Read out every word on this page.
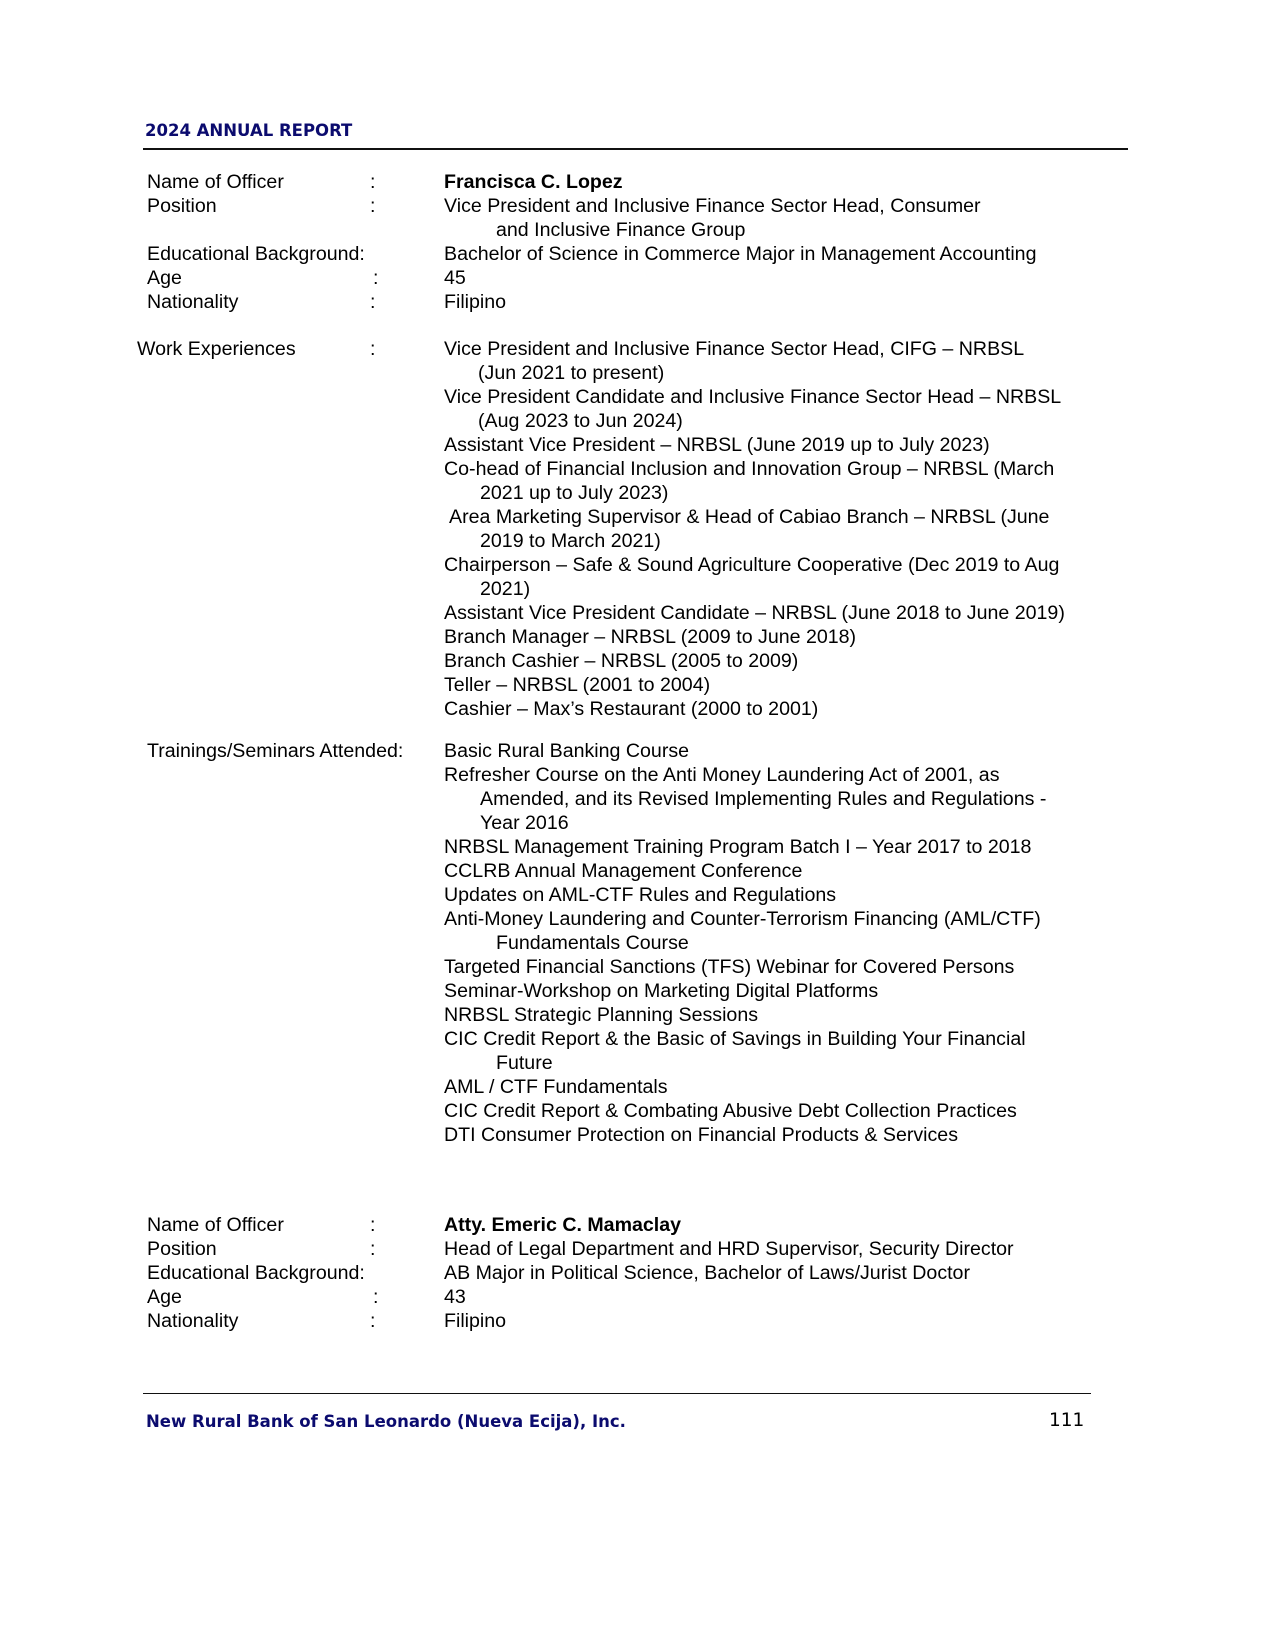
2024 ANNUAL REPORT
Name of Officer	:	Francisca C. Lopez
Position	:	Vice President and Inclusive Finance Sector Head, Consumer
and Inclusive Finance Group
Educational Background:	Bachelor of Science in Commerce Major in Management Accounting
Age	:	45
Nationality	:	Filipino
Work Experiences	:	Vice President and Inclusive Finance Sector Head, CIFG – NRBSL
(Jun 2021 to present)
Vice President Candidate and Inclusive Finance Sector Head – NRBSL
(Aug 2023 to Jun 2024)
Assistant Vice President – NRBSL (June 2019 up to July 2023)
Co-head of Financial Inclusion and Innovation Group – NRBSL (March
2021 up to July 2023)
Area Marketing Supervisor & Head of Cabiao Branch – NRBSL (June
2019 to March 2021)
Chairperson – Safe & Sound Agriculture Cooperative (Dec 2019 to Aug
2021)
Assistant Vice President Candidate – NRBSL (June 2018 to June 2019)
Branch Manager – NRBSL (2009 to June 2018)
Branch Cashier – NRBSL (2005 to 2009)
Teller – NRBSL (2001 to 2004)
Cashier – Max’s Restaurant (2000 to 2001)
Trainings/Seminars Attended: Basic Rural Banking Course
Refresher Course on the Anti Money Laundering Act of 2001, as
Amended, and its Revised Implementing Rules and Regulations -
Year 2016
NRBSL Management Training Program Batch I – Year 2017 to 2018
CCLRB Annual Management Conference
Updates on AML-CTF Rules and Regulations
Anti-Money Laundering and Counter-Terrorism Financing (AML/CTF)
Fundamentals Course
Targeted Financial Sanctions (TFS) Webinar for Covered Persons
Seminar-Workshop on Marketing Digital Platforms
NRBSL Strategic Planning Sessions
CIC Credit Report & the Basic of Savings in Building Your Financial
Future
AML / CTF Fundamentals
CIC Credit Report & Combating Abusive Debt Collection Practices
DTI Consumer Protection on Financial Products & Services
Name of Officer	:	Atty. Emeric C. Mamaclay
Position	:	Head of Legal Department and HRD Supervisor, Security Director
Educational Background:	AB Major in Political Science, Bachelor of Laws/Jurist Doctor
Age	:	43
Nationality	:	Filipino
New Rural Bank of San Leonardo (Nueva Ecija), Inc.	111
